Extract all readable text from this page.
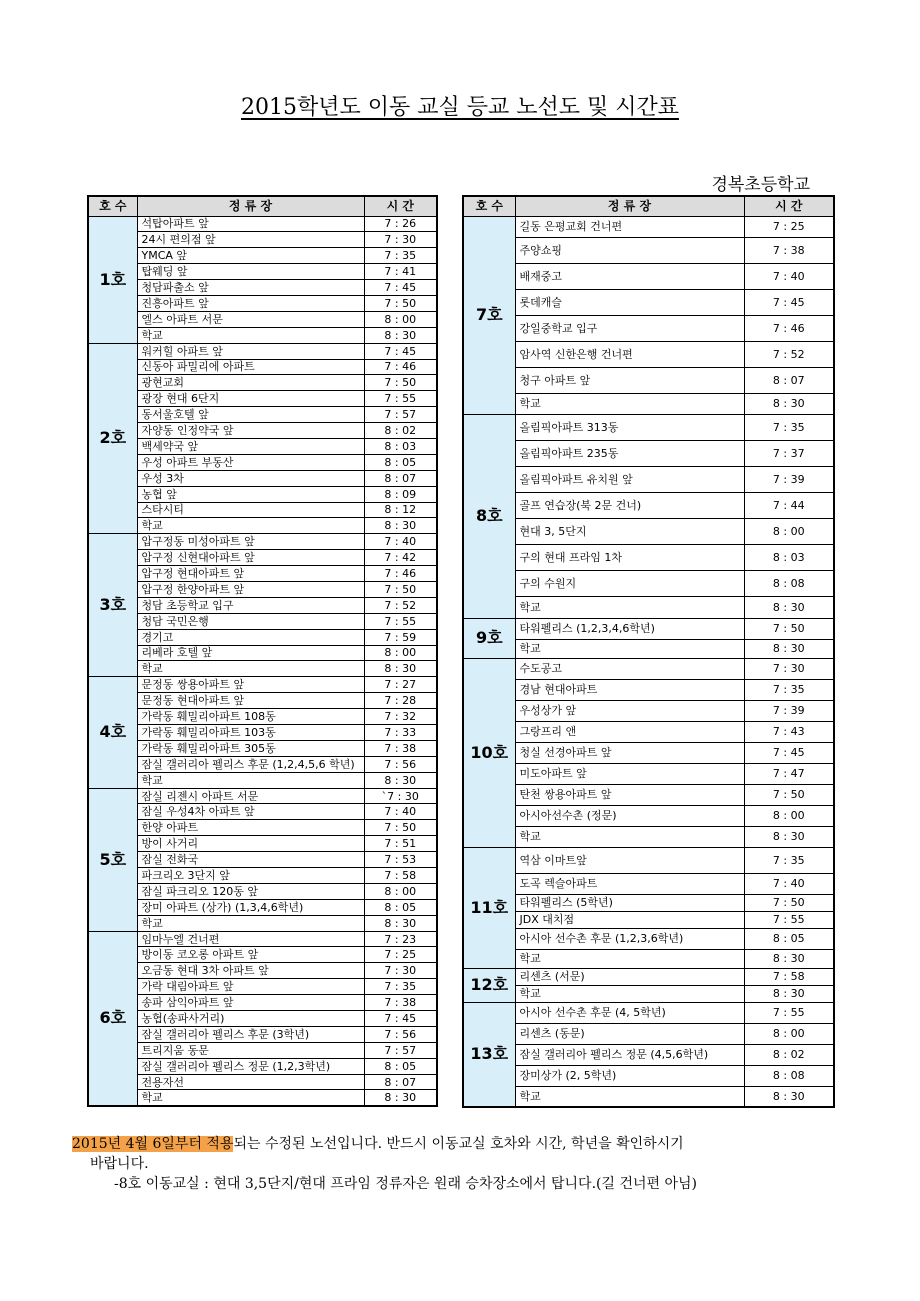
2015학년도 이동 교실 등교 노선도 및 시간표
경복초등학교
호 수	정 류 장	시 간
1호	석탑아파트 앞	7 : 26
	24시 편의점 앞	7 : 30
	YMCA 앞	7 : 35
	탑웨딩 앞	7 : 41
	청담파출소 앞	7 : 45
	진흥아파트 앞	7 : 50
	엘스 아파트 서문	8 : 00
	학교	8 : 30
2호	워커힐 아파트 앞	7 : 45
	신동아 파밀리에 아파트	7 : 46
	광현교회	7 : 50
	광장 현대 6단지	7 : 55
	동서울호텔 앞	7 : 57
	자양동 인정약국 앞	8 : 02
	백세약국 앞	8 : 03
	우성 아파트 부동산	8 : 05
	우성 3차	8 : 07
	농협 앞	8 : 09
	스타시티	8 : 12
	학교	8 : 30
3호	압구정동 미성아파트 앞	7 : 40
	압구정 신현대아파트 앞	7 : 42
	압구정 현대아파트 앞	7 : 46
	압구정 한양아파트 앞	7 : 50
	청담 초등학교 입구	7 : 52
	청담 국민은행	7 : 55
	경기고	7 : 59
	리베라 호텔 앞	8 : 00
	학교	8 : 30
4호	문정동 쌍용아파트 앞	7 : 27
	문정동 현대아파트 앞	7 : 28
	가락동 훼밀리아파트 108동	7 : 32
	가락동 훼밀리아파트 103동	7 : 33
	가락동 훼밀리아파트 305동	7 : 38
	잠실 갤러리아 펠리스 후문 (1,2,4,5,6 학년)	7 : 56
	학교	8 : 30
5호	잠실 리젠시 아파트 서문	`7 : 30
	잠실 우성4차 아파트 앞	7 : 40
	한양 아파트	7 : 50
	방이 사거리	7 : 51
	잠실 전화국	7 : 53
	파크리오 3단지 앞	7 : 58
	잠실 파크리오 120동 앞	8 : 00
	장미 아파트 (상가) (1,3,4,6학년)	8 : 05
	학교	8 : 30
6호	임마누엘 건너편	7 : 23
	방이동 코오롱 아파트 앞	7 : 25
	오금동 현대 3차 아파트 앞	7 : 30
	가락 대림아파트 앞	7 : 35
	송파 삼익아파트 앞	7 : 38
	농협(송파사거리)	7 : 45
	잠실 갤러리아 펠리스 후문 (3학년)	7 : 56
	트리지움 동문	7 : 57
	잠실 갤러리아 펠리스 정문 (1,2,3학년)	8 : 05
	전용자선	8 : 07
	학교	8 : 30
호 수	정 류 장	시 간
7호	길동 은평교회 건너편	7 : 25
	주양쇼핑	7 : 38
	배재중고	7 : 40
	롯데캐슬	7 : 45
	강일중학교 입구	7 : 46
	암사역 신한은행 건너편	7 : 52
	청구 아파트 앞	8 : 07
	학교	8 : 30
8호	올림픽아파트 313동	7 : 35
	올림픽아파트 235동	7 : 37
	올림픽아파트 유치원 앞	7 : 39
	골프 연습장(북 2문 건너)	7 : 44
	현대 3, 5단지	8 : 00
	구의 현대 프라임 1차	8 : 03
	구의 수원지	8 : 08
	학교	8 : 30
9호	타워펠리스 (1,2,3,4,6학년)	7 : 50
	학교	8 : 30
10호	수도공고	7 : 30
	경남 현대아파트	7 : 35
	우성상가 앞	7 : 39
	그랑프리 앤	7 : 43
	청실 선경아파트 앞	7 : 45
	미도아파트 앞	7 : 47
	탄천 쌍용아파트 앞	7 : 50
	아시아선수촌 (정문)	8 : 00
	학교	8 : 30
11호	역삼 이마트앞	7 : 35
	도곡 렉슬아파트	7 : 40
	타워펠리스 (5학년)	7 : 50
	JDX 대치점	7 : 55
	아시아 선수촌 후문 (1,2,3,6학년)	8 : 05
	학교	8 : 30
12호	리센츠 (서문)	7 : 58
	학교	8 : 30
13호	아시아 선수촌 후문 (4, 5학년)	7 : 55
	리센츠 (동문)	8 : 00
	잠실 갤러리아 펠리스 정문 (4,5,6학년)	8 : 02
	장미상가 (2, 5학년)	8 : 08
	학교	8 : 30
2015년 4월 6일부터 적용되는 수정된 노선입니다. 반드시 이동교실 호차와 시간, 학년을 확인하시기
바랍니다.
-8호 이동교실 : 현대 3,5단지/현대 프라임 정류자은 원래 승차장소에서 탑니다.(길 건너편 아님)
